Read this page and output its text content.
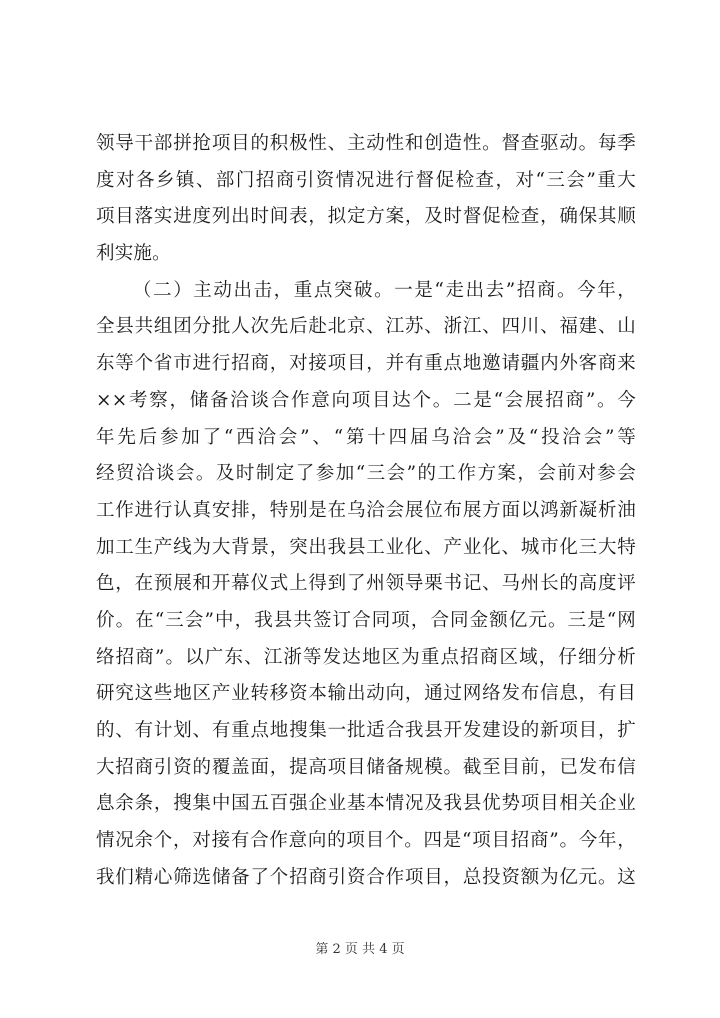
领导干部拼抢项目的积极性、主动性和创造性。督查驱动。每季
度对各乡镇、部门招商引资情况进行督促检查，对“三会”重大
项目落实进度列出时间表，拟定方案，及时督促检查，确保其顺
利实施。
（二）主动出击，重点突破。一是“走出去”招商。今年，
全县共组团分批人次先后赴北京、江苏、浙江、四川、福建、山
东等个省市进行招商，对接项目，并有重点地邀请疆内外客商来
××考察，储备洽谈合作意向项目达个。二是“会展招商”。今
年先后参加了“西洽会”、“第十四届乌洽会”及“投洽会”等
经贸洽谈会。及时制定了参加“三会”的工作方案，会前对参会
工作进行认真安排，特别是在乌洽会展位布展方面以鸿新凝析油
加工生产线为大背景，突出我县工业化、产业化、城市化三大特
色，在预展和开幕仪式上得到了州领导栗书记、马州长的高度评
价。在“三会”中，我县共签订合同项，合同金额亿元。三是“网
络招商”。以广东、江浙等发达地区为重点招商区域，仔细分析
研究这些地区产业转移资本输出动向，通过网络发布信息，有目
的、有计划、有重点地搜集一批适合我县开发建设的新项目，扩
大招商引资的覆盖面，提高项目储备规模。截至目前，已发布信
息余条，搜集中国五百强企业基本情况及我县优势项目相关企业
情况余个，对接有合作意向的项目个。四是“项目招商”。今年，
我们精心筛选储备了个招商引资合作项目，总投资额为亿元。这
第 2 页 共 4 页
